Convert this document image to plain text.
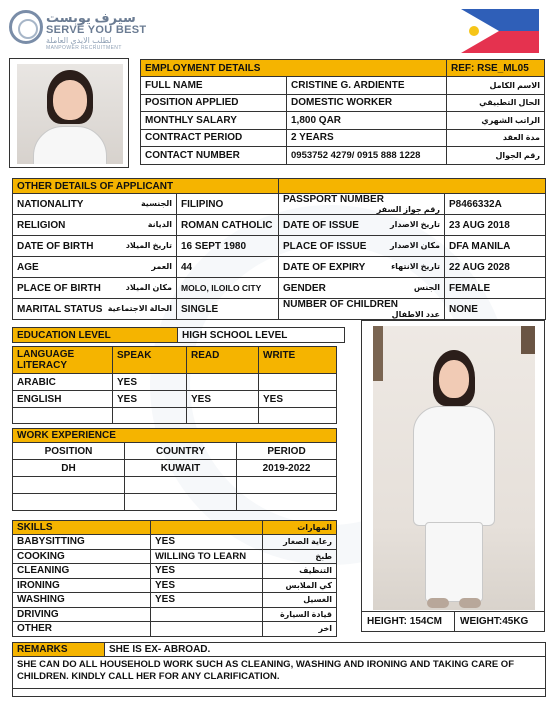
سيرف يوبست
SERVE YOU BEST
لطلب الايدي العاملة
MANPOWER RECRUITMENT
EMPLOYMENT DETAILS		REF: RSE_ML05
FULL NAME	CRISTINE G. ARDIENTE	الاسم الكامل

POSITION APPLIED	DOMESTIC WORKER	الحال التطبيقي

MONTHLY SALARY	1,800 QAR	الراتب الشهري

CONTRACT PERIOD	2 YEARS	مدة العقد

CONTACT NUMBER	0953752 4279/ 0915 888 1228	رقم الجوال
OTHER DETAILS OF APPLICANT			
NATIONALITY الجنسية	FILIPINO	PASSPORT NUMBER
رقم جواز السفر	P8466332A
RELIGION الديانة	ROMAN CATHOLIC	DATE OF ISSUE تاريخ الاصدار	23 AUG 2018
DATE OF BIRTH تاريخ الميلاد	16 SEPT 1980	PLACE OF ISSUE مكان الاصدار	DFA MANILA
AGE العمر	44	DATE OF EXPIRY تاريخ الانتهاء	22 AUG 2028
PLACE OF BIRTH مكان الميلاد	MOLO, ILOILO CITY	GENDER الجنس	FEMALE
MARITAL STATUS الحالة الاجتماعية	SINGLE	NUMBER OF CHILDREN
عدد الاطفال	NONE
EDUCATION LEVEL	HIGH SCHOOL LEVEL
LANGUAGE LITERACY	SPEAK	READ	WRITE
ARABIC	YES		
ENGLISH	YES	YES	YES

WORK EXPERIENCE		
POSITION	COUNTRY	PERIOD
DH	KUWAIT	2019-2022

SKILLS		المهارات

BABYSITTING	YES	رعاية الصغار

COOKING	WILLING TO LEARN	طبخ

CLEANING	YES	التنظيف

IRONING	YES	كي الملابس

WASHING	YES	الغسيل

DRIVING		قيادة السيارة

OTHER		اخر
HEIGHT: 154CM WEIGHT:45KG
REMARKS	SHE IS EX- ABROAD.

SHE CAN DO ALL HOUSEHOLD WORK SUCH AS CLEANING, WASHING AND IRONING AND TAKING CARE OF
CHILDREN. KINDLY CALL HER FOR ANY CLARIFICATION.
